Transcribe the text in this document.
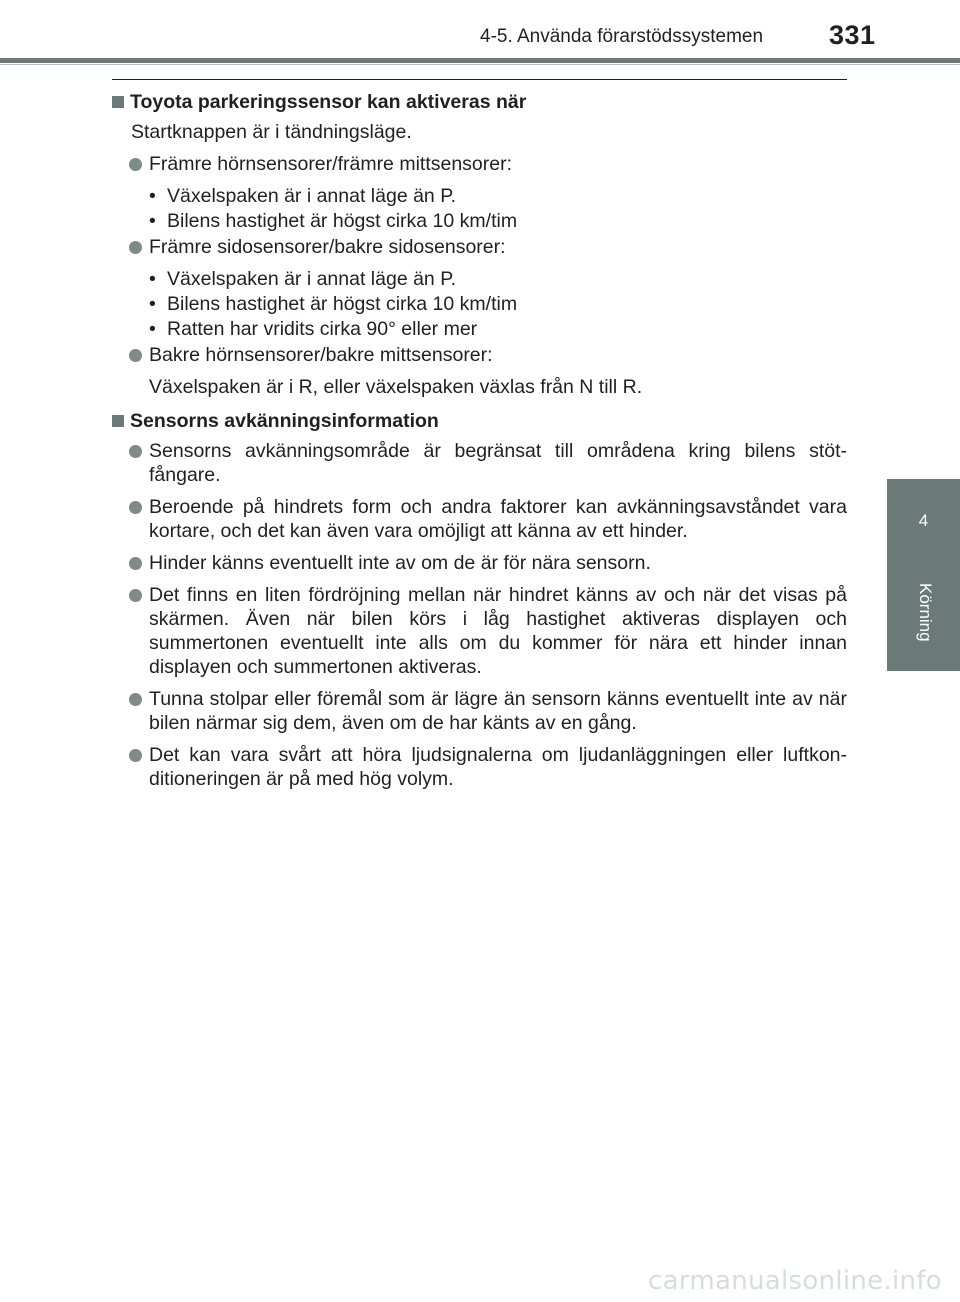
4-5. Använda förarstödssystemen 331
4
Körning
Toyota parkeringssensor kan aktiveras när
Startknappen är i tändningsläge.
Främre hörnsensorer/främre mittsensorer:
• Växelspaken är i annat läge än P.
• Bilens hastighet är högst cirka 10 km/tim
Främre sidosensorer/bakre sidosensorer:
• Växelspaken är i annat läge än P.
• Bilens hastighet är högst cirka 10 km/tim
• Ratten har vridits cirka 90° eller mer
Bakre hörnsensorer/bakre mittsensorer:
Växelspaken är i R, eller växelspaken växlas från N till R.
Sensorns avkänningsinformation
Sensorns avkänningsområde är begränsat till områdena kring bilens stöt-fångare.
Beroende på hindrets form och andra faktorer kan avkänningsavståndet vara kortare, och det kan även vara omöjligt att känna av ett hinder.
Hinder känns eventuellt inte av om de är för nära sensorn.
Det finns en liten fördröjning mellan när hindret känns av och när det visas på skärmen. Även när bilen körs i låg hastighet aktiveras displayen och summertonen eventuellt inte alls om du kommer för nära ett hinder innan displayen och summertonen aktiveras.
Tunna stolpar eller föremål som är lägre än sensorn känns eventuellt inte av när bilen närmar sig dem, även om de har känts av en gång.
Det kan vara svårt att höra ljudsignalerna om ljudanläggningen eller luftkon-ditioneringen är på med hög volym.
carmanualsonline.info
